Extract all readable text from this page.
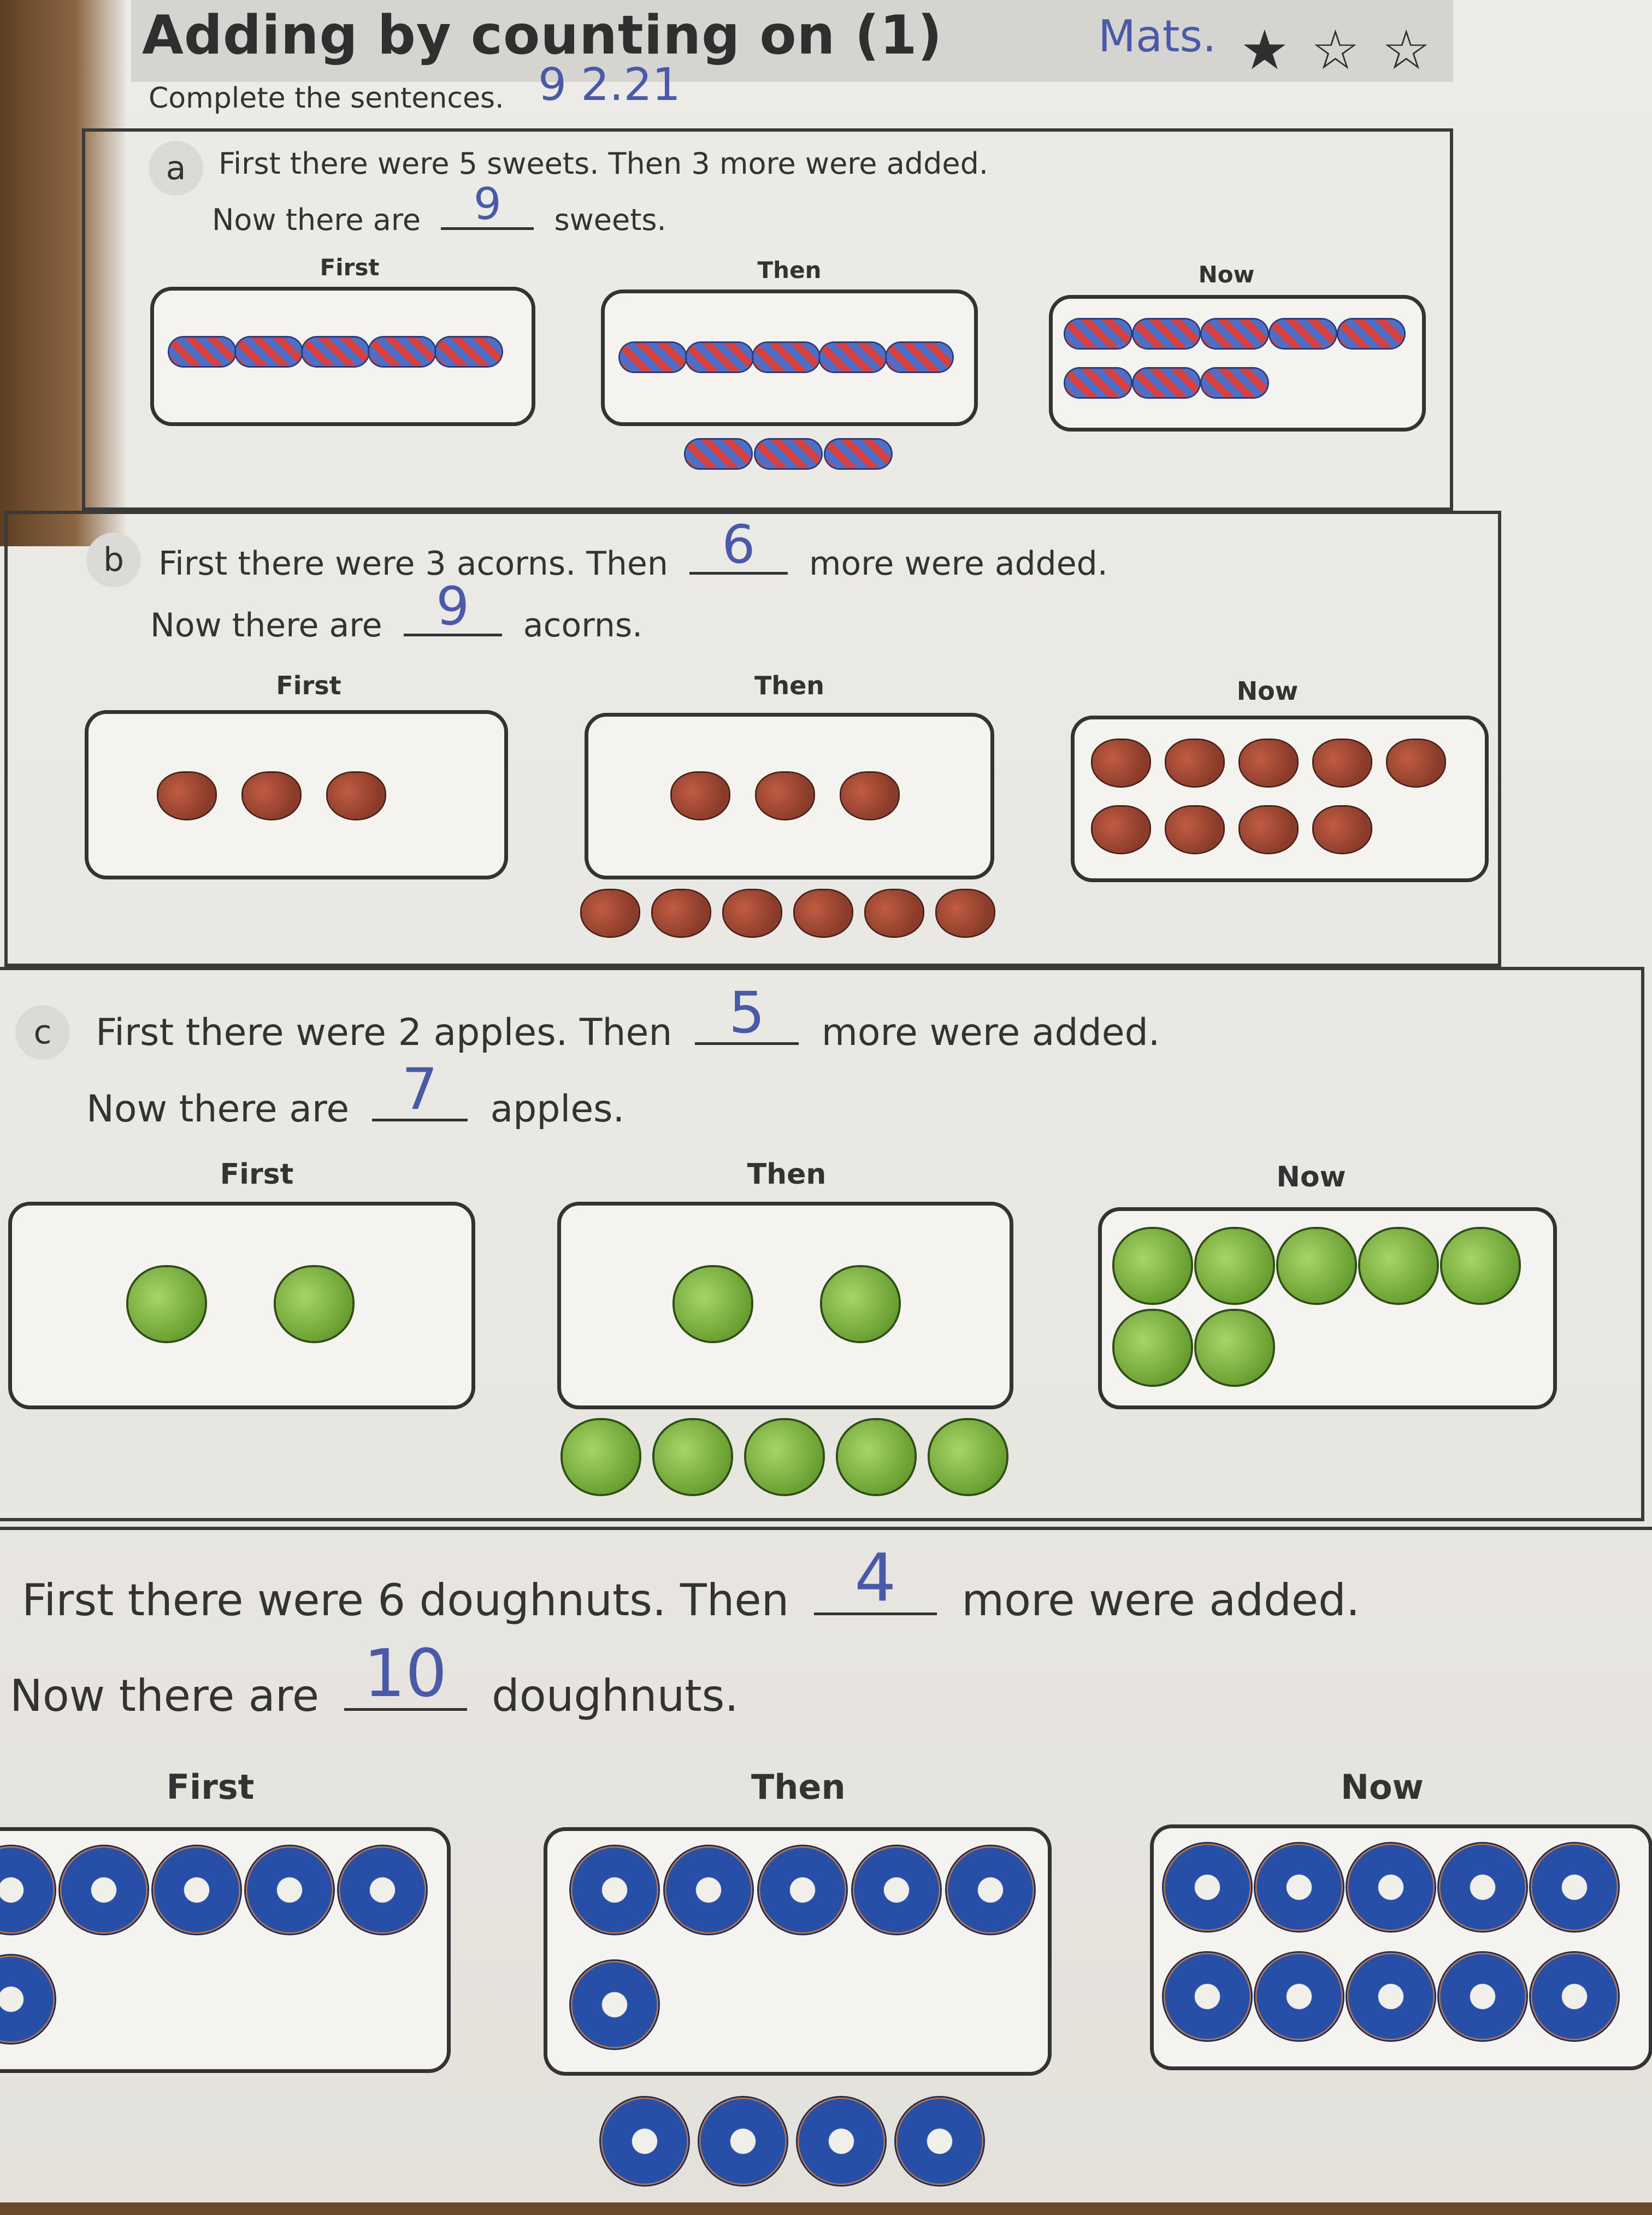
Adding by counting on (1)	Mats.
9 2.21
★ ☆ ☆
Complete the sentences.
a	First there were 5 sweets. Then 3 more were added.
Now there are	9	sweets.
First	Then	Now
b	First there were 3 acorns. Then	6	more were added.
Now there are	9	acorns.
First	Then	Now
c	First there were 2 apples. Then 5	more were added.
Now there are 7	apples.
First	Then	Now
First there were 6 doughnuts. Then 4	more were added.
Now there are 10	doughnuts.
First	Then	Now
